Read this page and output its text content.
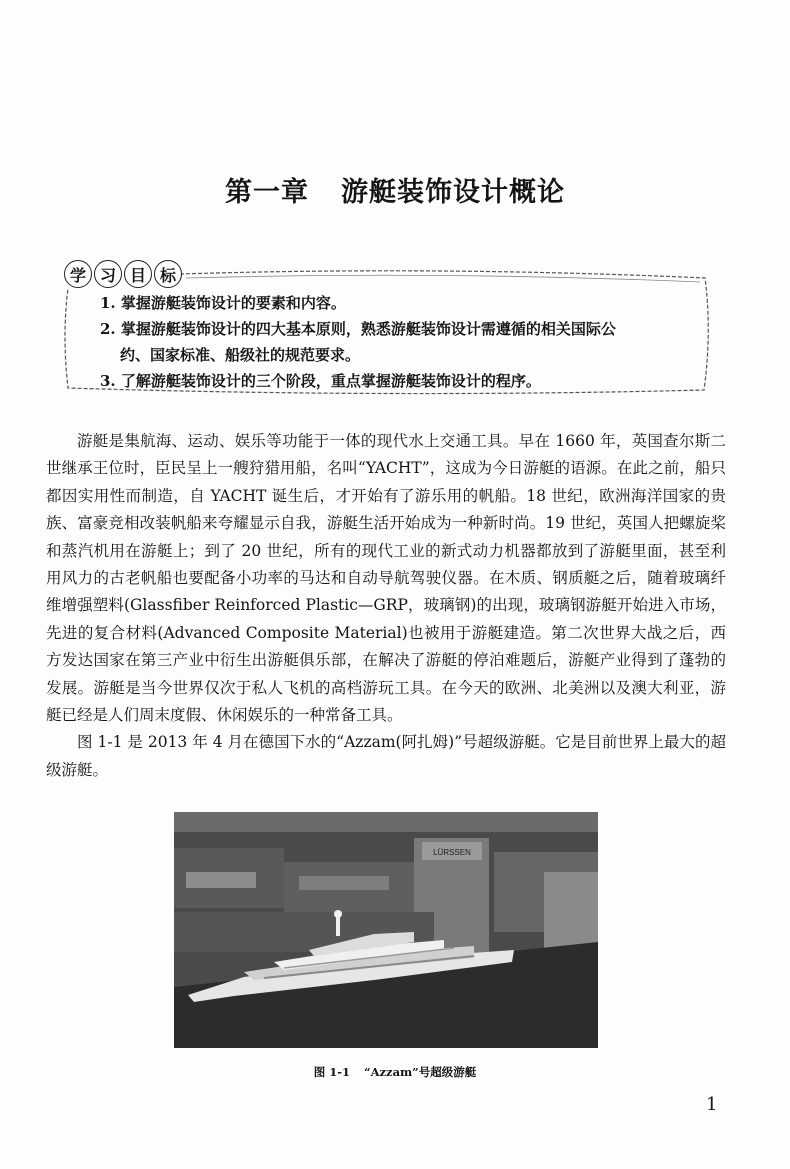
第一章 游艇装饰设计概论
学 习 目 标

1. 掌握游艇装饰设计的要素和内容。

2. 掌握游艇装饰设计的四大基本原则，熟悉游艇装饰设计需遵循的相关国际公

约、国家标准、船级社的规范要求。

3. 了解游艇装饰设计的三个阶段，重点掌握游艇装饰设计的程序。

游艇是集航海、运动、娱乐等功能于一体的现代水上交通工具。早在 1660 年，英国查尔斯二世继承王位时，臣民呈上一艘狩猎用船，名叫“YACHT”，这成为今日游艇的语源。在此之前，船只都因实用性而制造，自 YACHT 诞生后，才开始有了游乐用的帆船。18 世纪，欧洲海洋国家的贵族、富豪竞相改装帆船来夸耀显示自我，游艇生活开始成为一种新时尚。19 世纪，英国人把螺旋桨和蒸汽机用在游艇上；到了 20 世纪，所有的现代工业的新式动力机器都放到了游艇里面，甚至利用风力的古老帆船也要配备小功率的马达和自动导航驾驶仪器。在木质、钢质艇之后，随着玻璃纤维增强塑料(Glassfiber Reinforced Plastic—GRP，玻璃钢)的出现，玻璃钢游艇开始进入市场，先进的复合材料(Advanced Composite Material)也被用于游艇建造。第二次世界大战之后，西方发达国家在第三产业中衍生出游艇俱乐部，在解决了游艇的停泊难题后，游艇产业得到了蓬勃的发展。游艇是当今世界仅次于私人飞机的高档游玩工具。在今天的欧洲、北美洲以及澳大利亚，游艇已经是人们周末度假、休闲娱乐的一种常备工具。

图 1-1 是 2013 年 4 月在德国下水的“Azzam(阿扎姆)”号超级游艇。它是目前世界上最大的超级游艇。

LÜRSSEN
图 1-1 “Azzam”号超级游艇
1
